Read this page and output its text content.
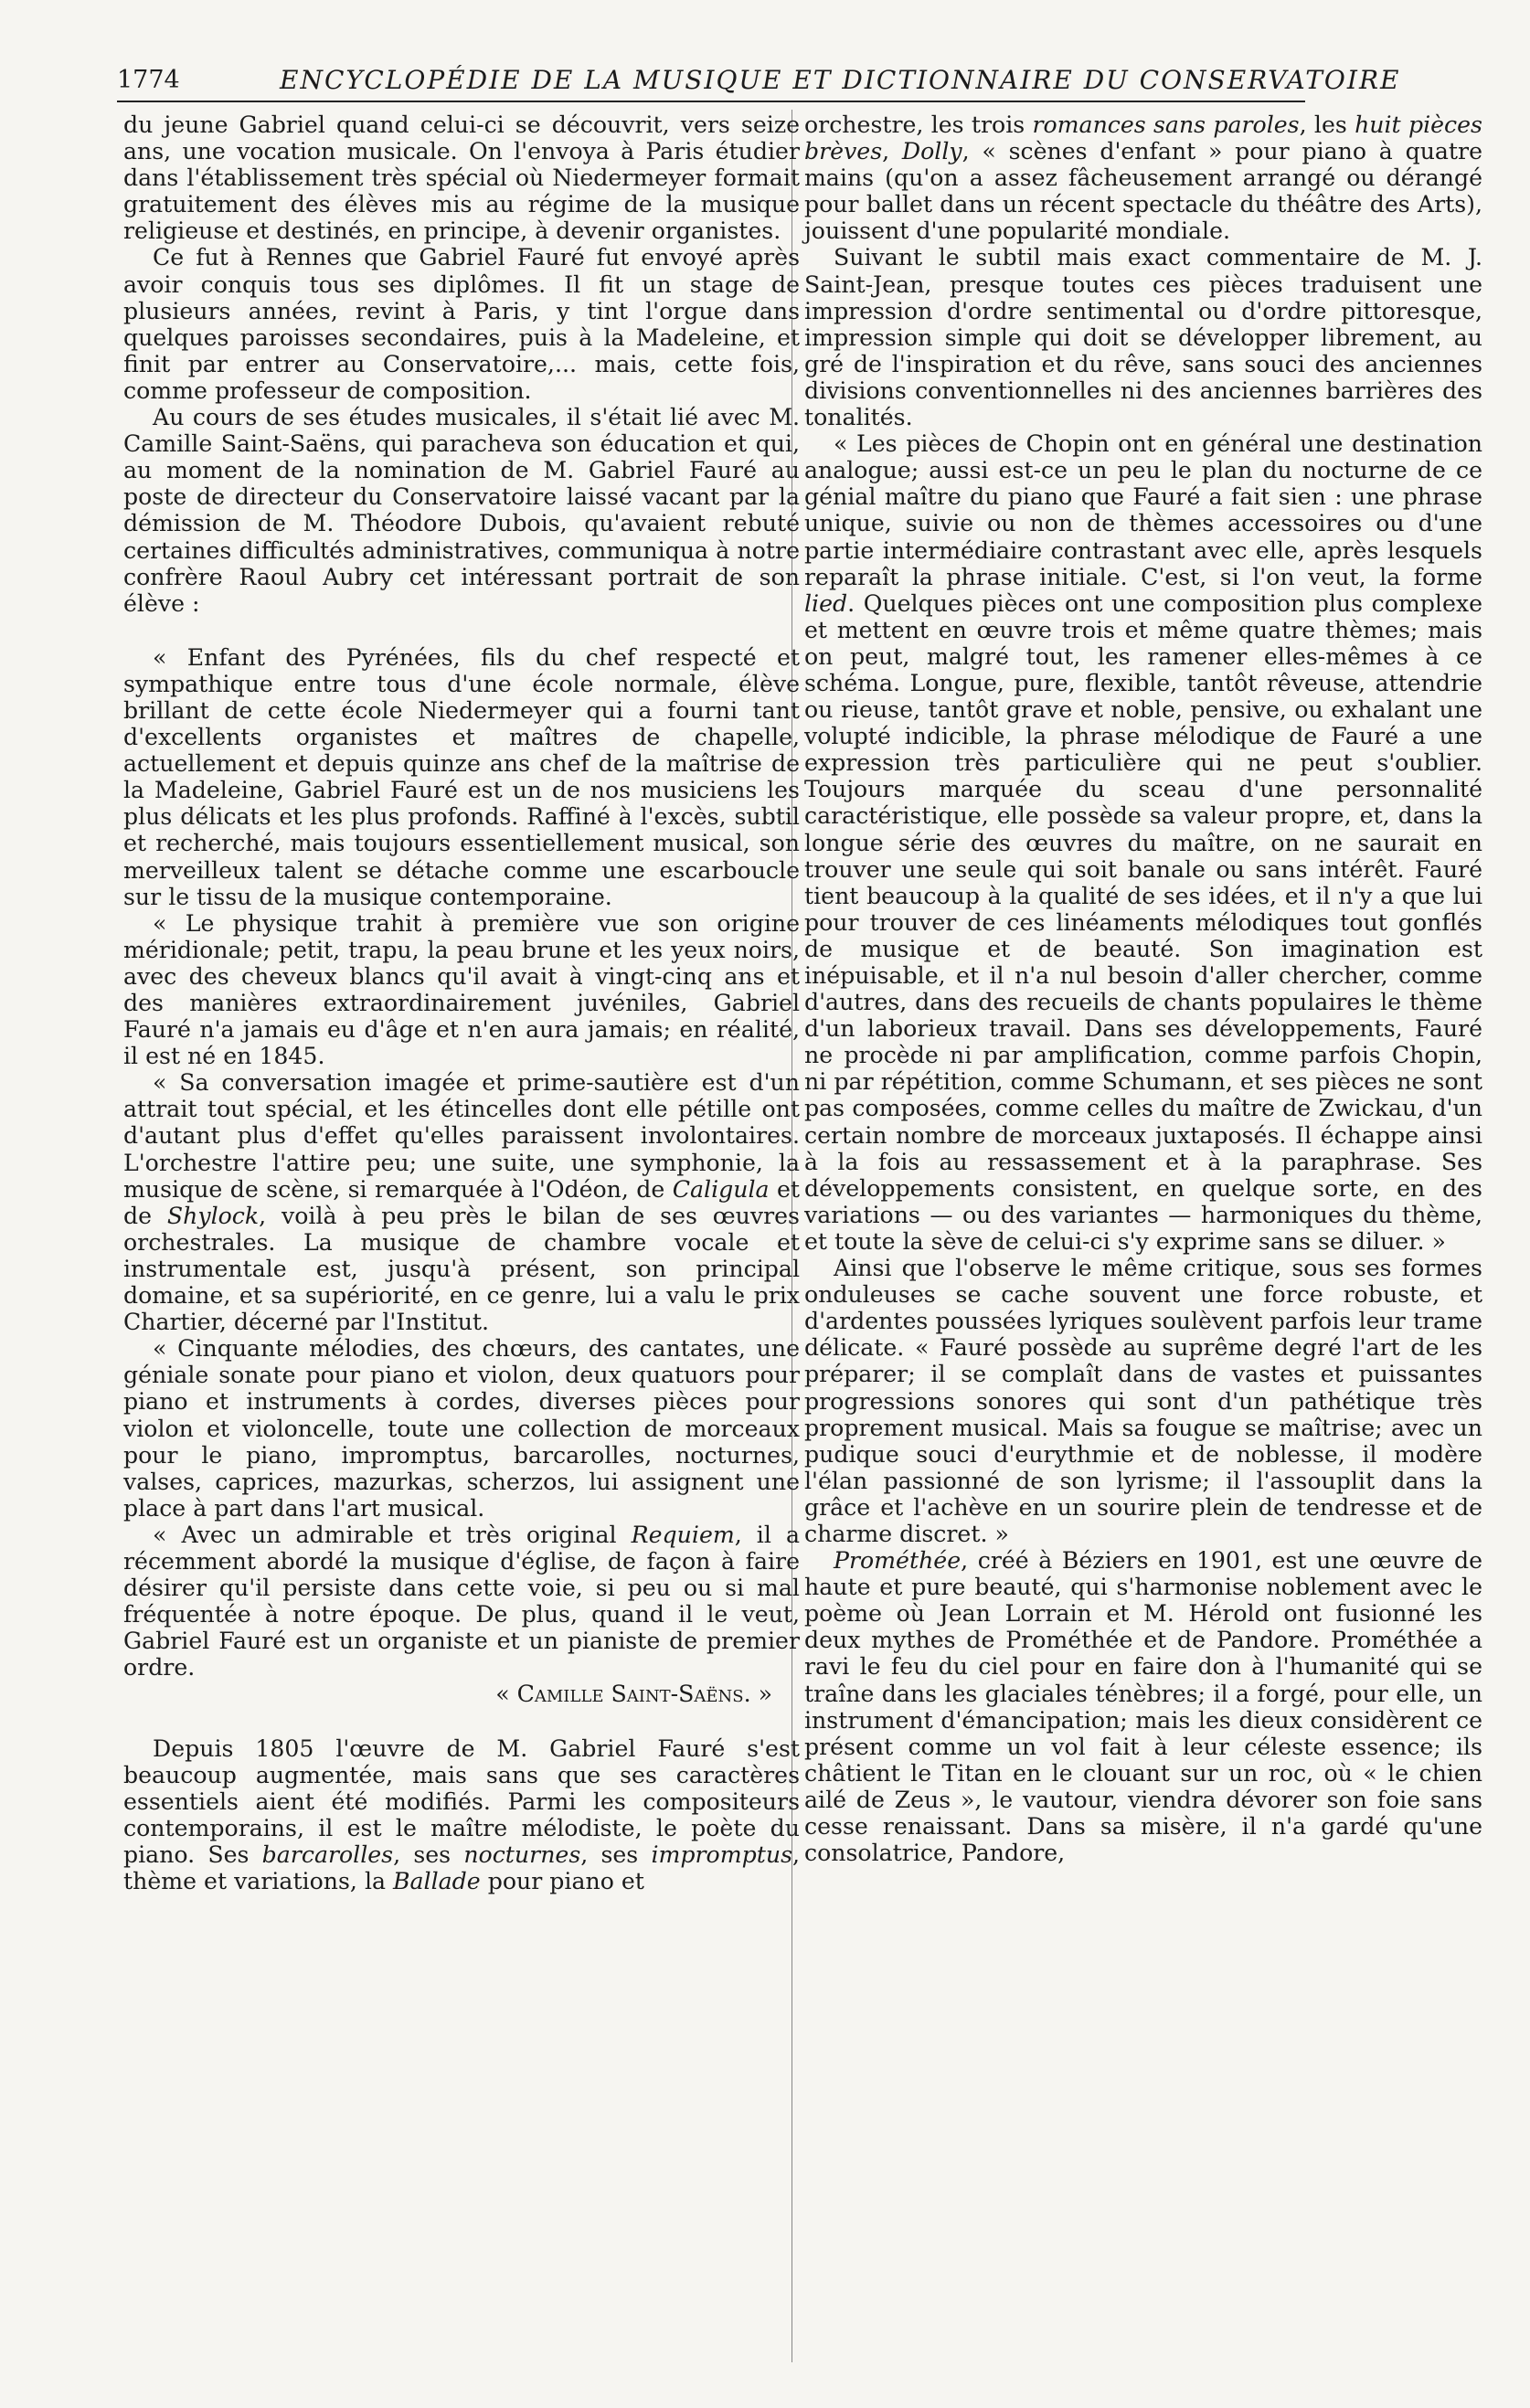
1774	ENCYCLOPÉDIE DE LA MUSIQUE ET DICTIONNAIRE DU CONSERVATOIRE

du jeune Gabriel quand celui-ci se découvrit, vers seize ans, une vocation musicale. On l'envoya à Paris étudier dans l'établissement très spécial où Niedermeyer formait gratuitement des élèves mis au régime de la musique religieuse et destinés, en principe, à devenir organistes.

Ce fut à Rennes que Gabriel Fauré fut envoyé après avoir conquis tous ses diplômes. Il fit un stage de plusieurs années, revint à Paris, y tint l'orgue dans quelques paroisses secondaires, puis à la Madeleine, et finit par entrer au Conservatoire,... mais, cette fois, comme professeur de composition.

Au cours de ses études musicales, il s'était lié avec M. Camille Saint-Saëns, qui paracheva son éducation et qui, au moment de la nomination de M. Gabriel Fauré au poste de directeur du Conservatoire laissé vacant par la démission de M. Théodore Dubois, qu'avaient rebuté certaines difficultés administratives, communiqua à notre confrère Raoul Aubry cet intéressant portrait de son élève :

« Enfant des Pyrénées, fils du chef respecté et sympathique entre tous d'une école normale, élève brillant de cette école Niedermeyer qui a fourni tant d'excellents organistes et maîtres de chapelle, actuellement et depuis quinze ans chef de la maîtrise de la Madeleine, Gabriel Fauré est un de nos musiciens les plus délicats et les plus profonds. Raffiné à l'excès, subtil et recherché, mais toujours essentiellement musical, son merveilleux talent se détache comme une escarboucle sur le tissu de la musique contemporaine.

« Le physique trahit à première vue son origine méridionale; petit, trapu, la peau brune et les yeux noirs, avec des cheveux blancs qu'il avait à vingt-cinq ans et des manières extraordinairement juvéniles, Gabriel Fauré n'a jamais eu d'âge et n'en aura jamais; en réalité, il est né en 1845.

« Sa conversation imagée et prime-sautière est d'un attrait tout spécial, et les étincelles dont elle pétille ont d'autant plus d'effet qu'elles paraissent involontaires. L'orchestre l'attire peu; une suite, une symphonie, la musique de scène, si remarquée à l'Odéon, de Caligula et de Shylock, voilà à peu près le bilan de ses œuvres orchestrales. La musique de chambre vocale et instrumentale est, jusqu'à présent, son principal domaine, et sa supériorité, en ce genre, lui a valu le prix Chartier, décerné par l'Institut.

« Cinquante mélodies, des chœurs, des cantates, une géniale sonate pour piano et violon, deux quatuors pour piano et instruments à cordes, diverses pièces pour violon et violoncelle, toute une collection de morceaux pour le piano, impromptus, barcarolles, nocturnes, valses, caprices, mazurkas, scherzos, lui assignent une place à part dans l'art musical.

« Avec un admirable et très original Requiem, il a récemment abordé la musique d'église, de façon à faire désirer qu'il persiste dans cette voie, si peu ou si mal fréquentée à notre époque. De plus, quand il le veut, Gabriel Fauré est un organiste et un pianiste de premier ordre.

« Camille Saint-Saëns. »

Depuis 1805 l'œuvre de M. Gabriel Fauré s'est beaucoup augmentée, mais sans que ses caractères essentiels aient été modifiés. Parmi les compositeurs contemporains, il est le maître mélodiste, le poète du piano. Ses barcarolles, ses nocturnes, ses impromptus, thème et variations, la Ballade pour piano et

orchestre, les trois romances sans paroles, les huit pièces brèves, Dolly, « scènes d'enfant » pour piano à quatre mains (qu'on a assez fâcheusement arrangé ou dérangé pour ballet dans un récent spectacle du théâtre des Arts), jouissent d'une popularité mondiale.

Suivant le subtil mais exact commentaire de M. J. Saint-Jean, presque toutes ces pièces traduisent une impression d'ordre sentimental ou d'ordre pittoresque, impression simple qui doit se développer librement, au gré de l'inspiration et du rêve, sans souci des anciennes divisions conventionnelles ni des anciennes barrières des tonalités.

« Les pièces de Chopin ont en général une destination analogue; aussi est-ce un peu le plan du nocturne de ce génial maître du piano que Fauré a fait sien : une phrase unique, suivie ou non de thèmes accessoires ou d'une partie intermédiaire contrastant avec elle, après lesquels reparaît la phrase initiale. C'est, si l'on veut, la forme lied. Quelques pièces ont une composition plus complexe et mettent en œuvre trois et même quatre thèmes; mais on peut, malgré tout, les ramener elles-mêmes à ce schéma. Longue, pure, flexible, tantôt rêveuse, attendrie ou rieuse, tantôt grave et noble, pensive, ou exhalant une volupté indicible, la phrase mélodique de Fauré a une expression très particulière qui ne peut s'oublier. Toujours marquée du sceau d'une personnalité caractéristique, elle possède sa valeur propre, et, dans la longue série des œuvres du maître, on ne saurait en trouver une seule qui soit banale ou sans intérêt. Fauré tient beaucoup à la qualité de ses idées, et il n'y a que lui pour trouver de ces linéaments mélodiques tout gonflés de musique et de beauté. Son imagination est inépuisable, et il n'a nul besoin d'aller chercher, comme d'autres, dans des recueils de chants populaires le thème d'un laborieux travail. Dans ses développements, Fauré ne procède ni par amplification, comme parfois Chopin, ni par répétition, comme Schumann, et ses pièces ne sont pas composées, comme celles du maître de Zwickau, d'un certain nombre de morceaux juxtaposés. Il échappe ainsi à la fois au ressassement et à la paraphrase. Ses développements consistent, en quelque sorte, en des variations — ou des variantes — harmoniques du thème, et toute la sève de celui-ci s'y exprime sans se diluer. »

Ainsi que l'observe le même critique, sous ses formes onduleuses se cache souvent une force robuste, et d'ardentes poussées lyriques soulèvent parfois leur trame délicate. « Fauré possède au suprême degré l'art de les préparer; il se complaît dans de vastes et puissantes progressions sonores qui sont d'un pathétique très proprement musical. Mais sa fougue se maîtrise; avec un pudique souci d'eurythmie et de noblesse, il modère l'élan passionné de son lyrisme; il l'assouplit dans la grâce et l'achève en un sourire plein de tendresse et de charme discret. »

Prométhée, créé à Béziers en 1901, est une œuvre de haute et pure beauté, qui s'harmonise noblement avec le poème où Jean Lorrain et M. Hérold ont fusionné les deux mythes de Prométhée et de Pandore. Prométhée a ravi le feu du ciel pour en faire don à l'humanité qui se traîne dans les glaciales ténèbres; il a forgé, pour elle, un instrument d'émancipation; mais les dieux considèrent ce présent comme un vol fait à leur céleste essence; ils châtient le Titan en le clouant sur un roc, où « le chien ailé de Zeus », le vautour, viendra dévorer son foie sans cesse renaissant. Dans sa misère, il n'a gardé qu'une consolatrice, Pandore,
